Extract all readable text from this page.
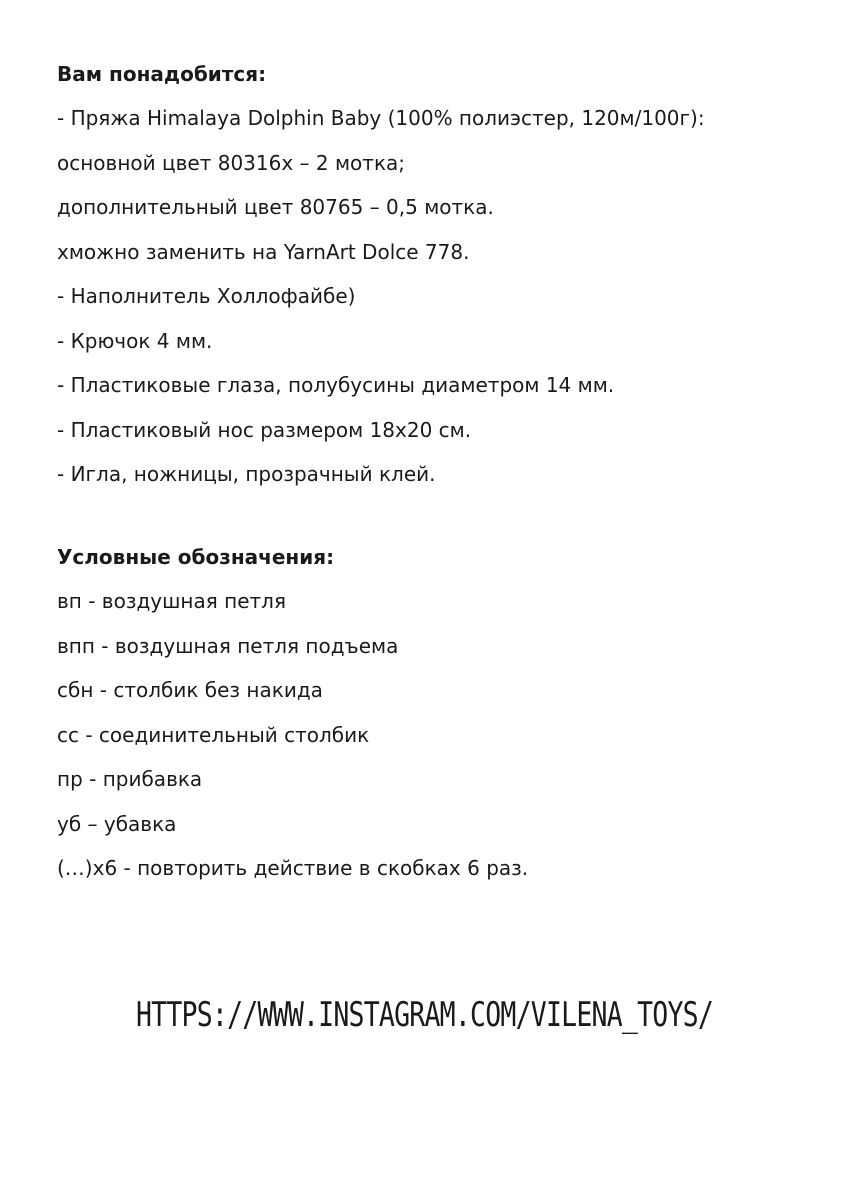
Вам понадобится:
- Пряжа Himalaya Dolphin Baby (100% полиэстер, 120м/100г):
основной цвет 80316х – 2 мотка;
дополнительный цвет 80765 – 0,5 мотка.
хможно заменить на YarnArt Dolce 778.
- Наполнитель Холлофайбе)
- Крючок 4 мм.
- Пластиковые глаза, полубусины диаметром 14 мм.
- Пластиковый нос размером 18х20 см.
- Игла, ножницы, прозрачный клей.
Условные обозначения:
вп - воздушная петля
впп - воздушная петля подъема
сбн - столбик без накида
сс - соединительный столбик
пр - прибавка
уб – убавка
(…)х6 - повторить действие в скобках 6 раз.
HTTPS://WWW.INSTAGRAM.COM/VILENA_TOYS/
